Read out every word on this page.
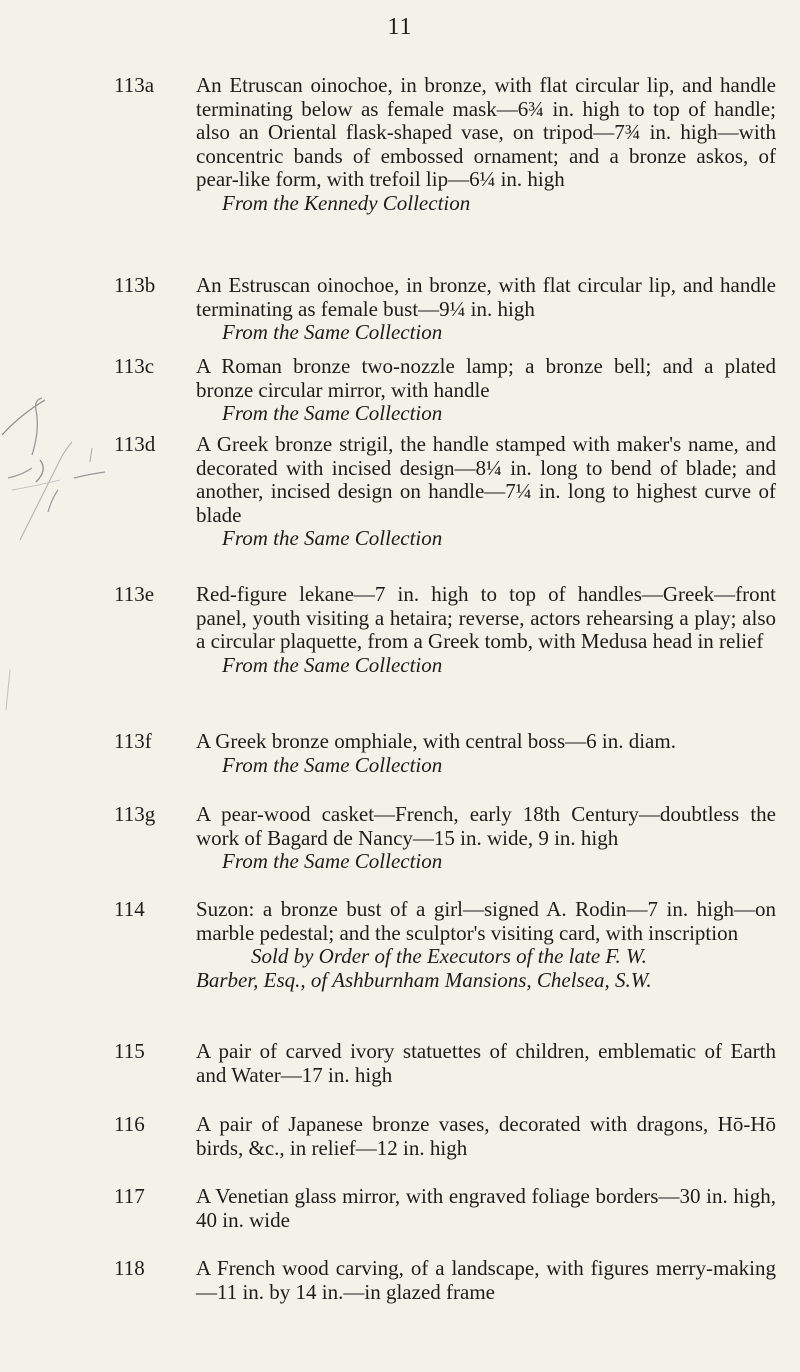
11
113a	An Etruscan oinochoe, in bronze, with flat circular lip, and handle terminating below as female mask—6¾ in. high to top of handle; also an Oriental flask-shaped vase, on tripod—7¾ in. high—with concentric bands of embossed ornament; and a bronze askos, of pear-like form, with trefoil lip—6¼ in. high

From the Kennedy Collection

113b	An Estruscan oinochoe, in bronze, with flat circular lip, and handle terminating as female bust—9¼ in. high

From the Same Collection

113c	A Roman bronze two-nozzle lamp; a bronze bell; and a plated bronze circular mirror, with handle

From the Same Collection

113d	A Greek bronze strigil, the handle stamped with maker's name, and decorated with incised design—8¼ in. long to bend of blade; and another, incised design on handle—7¼ in. long to highest curve of blade

From the Same Collection

113e	Red-figure lekane—7 in. high to top of handles—Greek—front panel, youth visiting a hetaira; reverse, actors rehearsing a play; also a circular plaquette, from a Greek tomb, with Medusa head in relief

From the Same Collection

113f	A Greek bronze omphiale, with central boss—6 in. diam.

From the Same Collection

113g	A pear-wood casket—French, early 18th Century—doubtless the work of Bagard de Nancy—15 in. wide, 9 in. high

From the Same Collection

114	Suzon: a bronze bust of a girl—signed A. Rodin—7 in. high—on marble pedestal; and the sculptor's visiting card, with inscription

Sold by Order of the Executors of the late F. W.

Barber, Esq., of Ashburnham Mansions, Chelsea, S.W.

115	A pair of carved ivory statuettes of children, emblematic of Earth and Water—17 in. high

116	A pair of Japanese bronze vases, decorated with dragons, Hō-Hō birds, &c., in relief—12 in. high

117	A Venetian glass mirror, with engraved foliage borders—30 in. high, 40 in. wide

118	A French wood carving, of a landscape, with figures merry-making—11 in. by 14 in.—in glazed frame
